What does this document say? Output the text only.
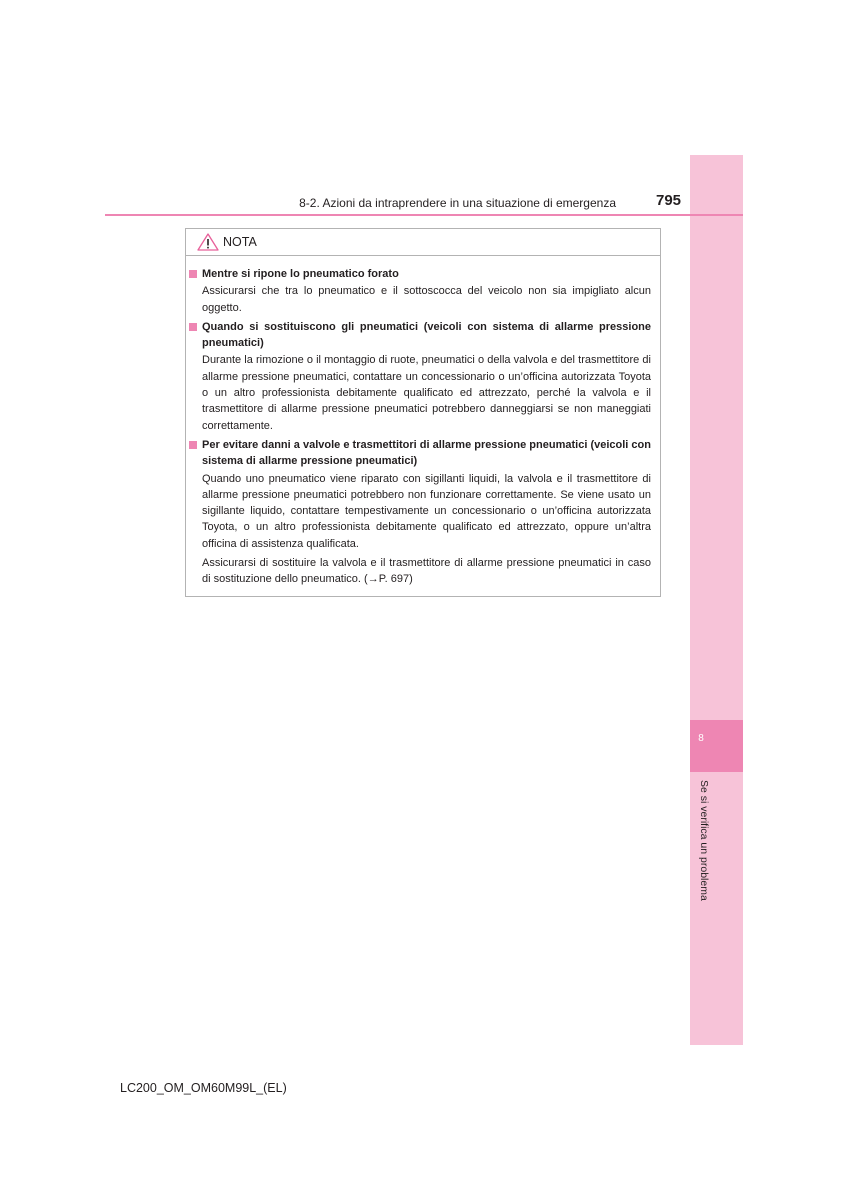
8
Se si verifica un problema
8-2. Azioni da intraprendere in una situazione di emergenza	795
NOTA
Mentre si ripone lo pneumatico forato

Assicurarsi che tra lo pneumatico e il sottoscocca del veicolo non sia impigliato alcun oggetto.

Quando si sostituiscono gli pneumatici (veicoli con sistema di allarme pressione pneumatici)

Durante la rimozione o il montaggio di ruote, pneumatici o della valvola e del trasmettitore di allarme pressione pneumatici, contattare un concessionario o un’officina autorizzata Toyota o un altro professionista debitamente qualificato ed attrezzato, perché la valvola e il trasmettitore di allarme pressione pneumatici potrebbero danneggiarsi se non maneggiati correttamente.

Per evitare danni a valvole e trasmettitori di allarme pressione pneumatici (veicoli con sistema di allarme pressione pneumatici)

Quando uno pneumatico viene riparato con sigillanti liquidi, la valvola e il trasmettitore di allarme pressione pneumatici potrebbero non funzionare correttamente. Se viene usato un sigillante liquido, contattare tempestivamente un concessionario o un’officina autorizzata Toyota, o un altro professionista debitamente qualificato ed attrezzato, oppure un’altra officina di assistenza qualificata.

Assicurarsi di sostituire la valvola e il trasmettitore di allarme pressione pneumatici in caso di sostituzione dello pneumatico. (→P. 697)

LC200_OM_OM60M99L_(EL)
